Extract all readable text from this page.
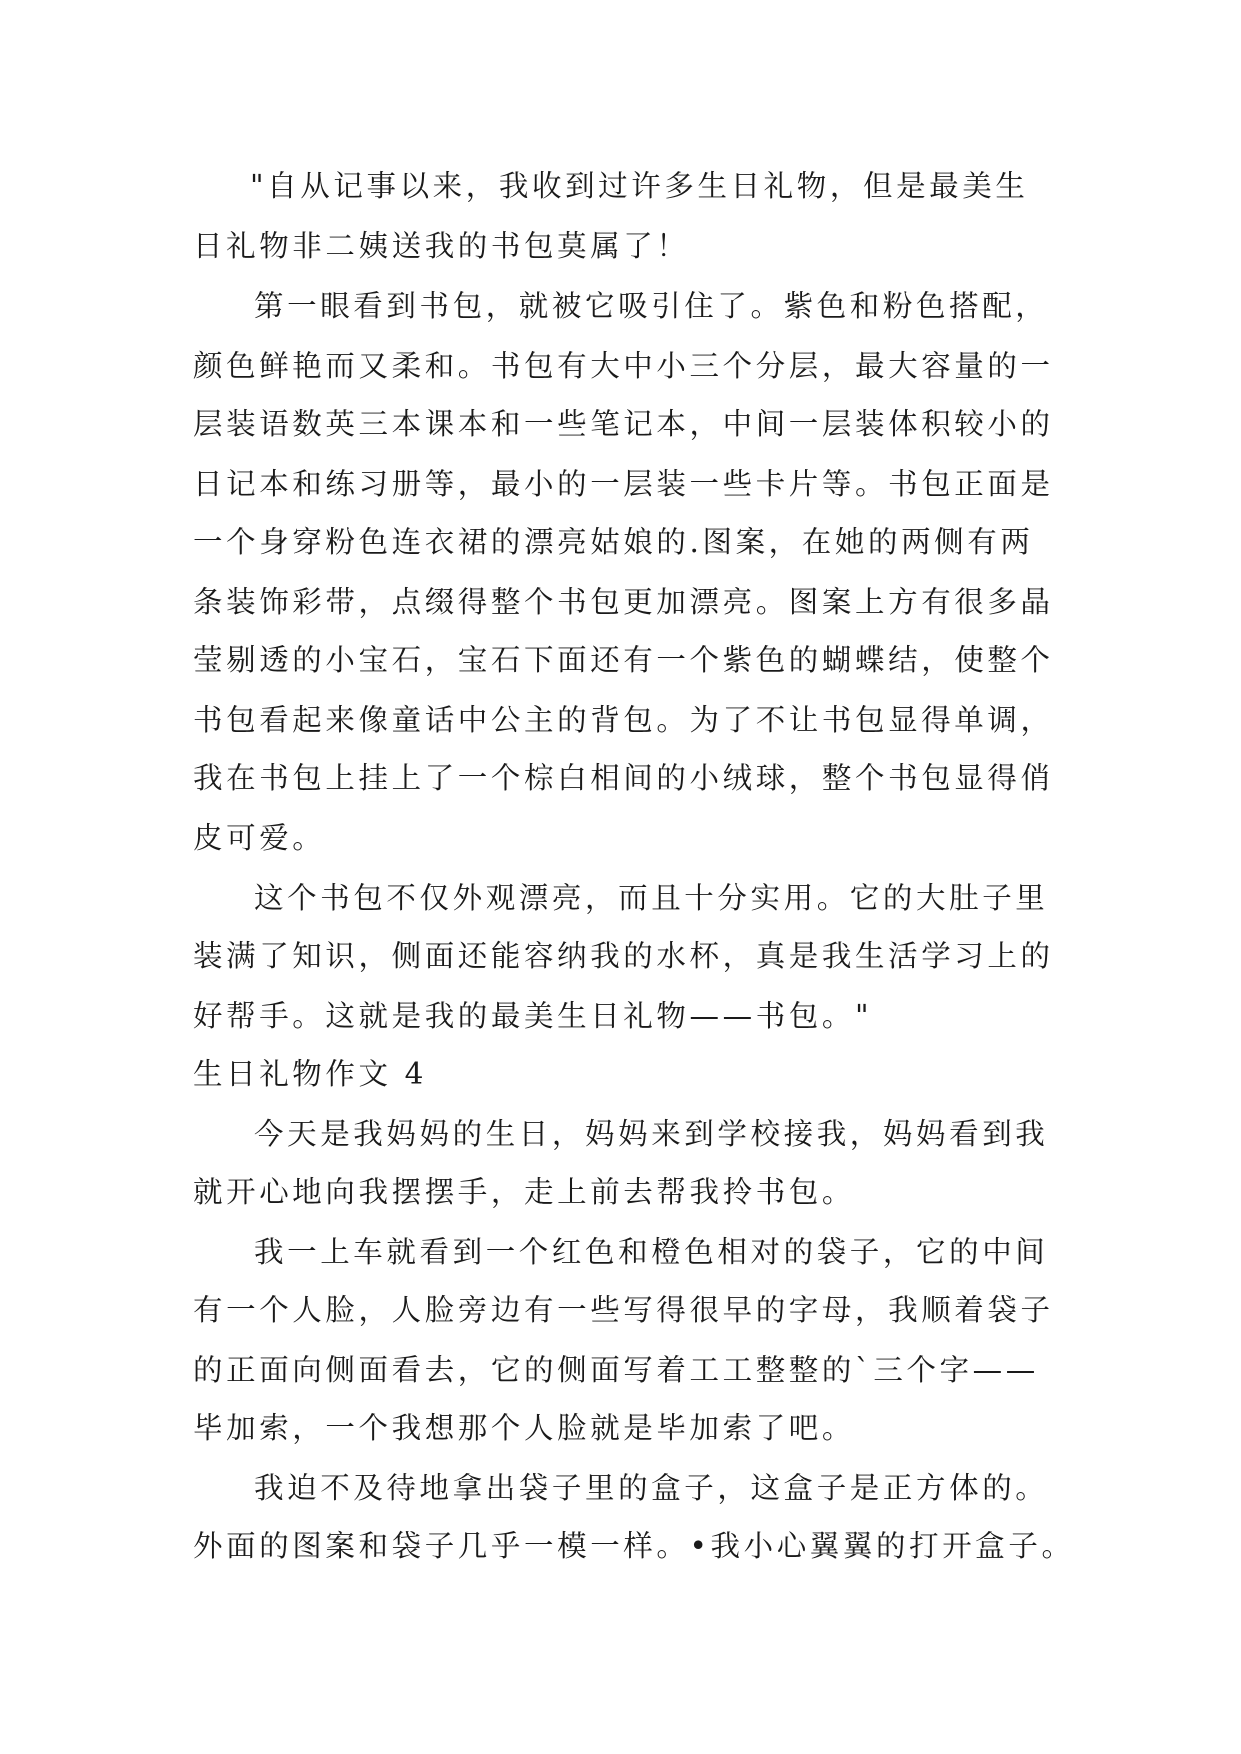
"自从记事以来，我收到过许多生日礼物，但是最美生

日礼物非二姨送我的书包莫属了！

第一眼看到书包，就被它吸引住了。紫色和粉色搭配，

颜色鲜艳而又柔和。书包有大中小三个分层，最大容量的一

层装语数英三本课本和一些笔记本，中间一层装体积较小的

日记本和练习册等，最小的一层装一些卡片等。书包正面是

一个身穿粉色连衣裙的漂亮姑娘的.图案，在她的两侧有两

条装饰彩带，点缀得整个书包更加漂亮。图案上方有很多晶

莹剔透的小宝石，宝石下面还有一个紫色的蝴蝶结，使整个

书包看起来像童话中公主的背包。为了不让书包显得单调，

我在书包上挂上了一个棕白相间的小绒球，整个书包显得俏

皮可爱。

这个书包不仅外观漂亮，而且十分实用。它的大肚子里

装满了知识，侧面还能容纳我的水杯，真是我生活学习上的

好帮手。这就是我的最美生日礼物——书包。"

生日礼物作文 4

今天是我妈妈的生日，妈妈来到学校接我，妈妈看到我

就开心地向我摆摆手，走上前去帮我拎书包。

我一上车就看到一个红色和橙色相对的袋子，它的中间

有一个人脸，人脸旁边有一些写得很早的字母，我顺着袋子

的正面向侧面看去，它的侧面写着工工整整的`三个字——

毕加索，一个我想那个人脸就是毕加索了吧。

我迫不及待地拿出袋子里的盒子，这盒子是正方体的。

外面的图案和袋子几乎一模一样。•我小心翼翼的打开盒子。
